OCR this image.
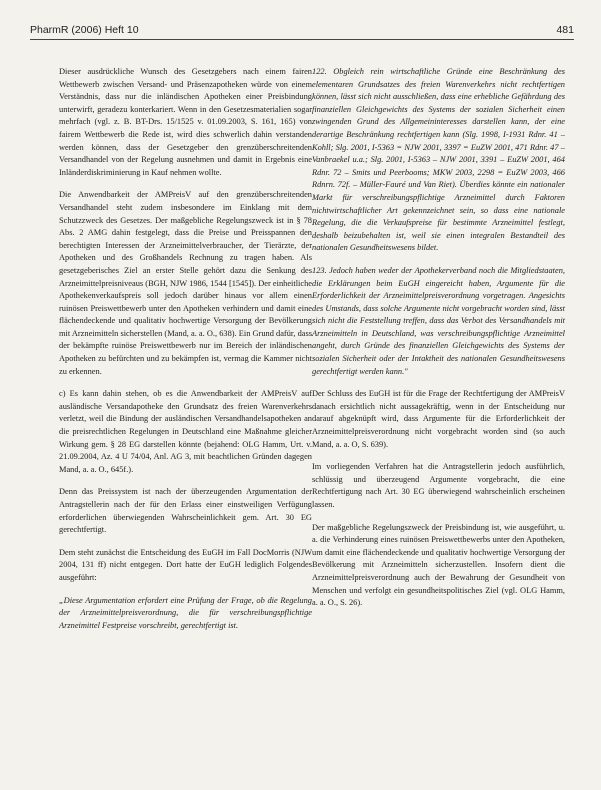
PharmR (2006) Heft 10	481

Dieser ausdrückliche Wunsch des Gesetzgebers nach einem fairen Wettbewerb zwischen Versand- und Präsenzapotheken würde von einem Verständnis, dass nur die inländischen Apotheken einer Preisbindung unterwirft, geradezu konterkariert. Wenn in den Gesetzesmaterialien sogar mehrfach (vgl. z. B. BT-Drs. 15/1525 v. 01.09.2003, S. 161, 165) von fairem Wettbewerb die Rede ist, wird dies schwerlich dahin verstanden werden können, dass der Gesetzgeber den grenzüberschreitenden Versandhandel von der Regelung ausnehmen und damit in Ergebnis eine Inländerdiskriminierung in Kauf nehmen wollte.

Die Anwendbarkeit der AMPreisV auf den grenzüberschreitenden Versandhandel steht zudem insbesondere im Einklang mit dem Schutzzweck des Gesetzes. Der maßgebliche Regelungszweck ist in § 78 Abs. 2 AMG dahin festgelegt, dass die Preise und Preisspannen den berechtigten Interessen der Arzneimittelverbraucher, der Tierärzte, der Apotheken und des Großhandels Rechnung zu tragen haben. Als gesetzgeberisches Ziel an erster Stelle gehört dazu die Senkung des Arzneimittelpreisniveaus (BGH, NJW 1986, 1544 [1545]). Der einheitliche Apothekenverkaufspreis soll jedoch darüber hinaus vor allem einen ruinösen Preiswettbewerb unter den Apotheken verhindern und damit eine flächendeckende und qualitativ hochwertige Versorgung der Bevölkerung mit Arzneimitteln sicherstellen (Mand, a. a. O., 638). Ein Grund dafür, dass der bekämpfte ruinöse Preiswettbewerb nur im Bereich der inländischen Apotheken zu befürchten und zu bekämpfen ist, vermag die Kammer nicht zu erkennen.

c) Es kann dahin stehen, ob es die Anwendbarkeit der AMPreisV auf ausländische Versandapotheke den Grundsatz des freien Warenverkehrs verletzt, weil die Bindung der ausländischen Versandhandelsapotheken an die preisrechtlichen Regelungen in Deutschland eine Maßnahme gleicher Wirkung gem. § 28 EG darstellen könnte (bejahend: OLG Hamm, Urt. v. 21.09.2004, Az. 4 U 74/04, Anl. AG 3, mit beachtlichen Gründen dagegen Mand, a. a. O., 645f.).

Denn das Preissystem ist nach der überzeugenden Argumentation der Antragstellerin nach der für den Erlass einer einstweiligen Verfügung erforderlichen überwiegenden Wahrscheinlichkeit gem. Art. 30 EG gerechtfertigt.

Dem steht zunächst die Entscheidung des EuGH im Fall DocMorris (NJW 2004, 131 ff) nicht entgegen. Dort hatte der EuGH lediglich Folgendes ausgeführt:

„Diese Argumentation erfordert eine Prüfung der Frage, ob die Regelung der Arzneimittelpreisverordnung, die für verschreibungspflichtige Arzneimittel Festpreise vorschreibt, gerechtfertigt ist.

122. Obgleich rein wirtschaftliche Gründe eine Beschränkung des elementaren Grundsatzes des freien Warenverkehrs nicht rechtfertigen können, lässt sich nicht ausschließen, dass eine erhebliche Gefährdung des finanziellen Gleichgewichts des Systems der sozialen Sicherheit einen zwingenden Grund des Allgemeininteresses darstellen kann, der eine derartige Beschränkung rechtfertigen kann (Slg. 1998, I-1931 Rdnr. 41 – Kohll; Slg. 2001, I-5363 = NJW 2001, 3397 = EuZW 2001, 471 Rdnr. 47 – Vanbraekel u.a.; Slg. 2001, I-5363 – NJW 2001, 3391 – EuZW 2001, 464 Rdnr. 72 – Smits und Peerbooms; MKW 2003, 2298 = EuZW 2003, 466 Rdnrn. 72f. – Müller-Fauré und Van Riet). Überdies könnte ein nationaler Markt für verschreibungspflichtige Arzneimittel durch Faktoren nichtwirtschaftlicher Art gekennzeichnet sein, so dass eine nationale Regelung, die die Verkaufspreise für bestimmte Arzneimittel festlegt, deshalb beizubehalten ist, weil sie einen integralen Bestandteil des nationalen Gesundheitswesens bildet.

123. Jedoch haben weder der Apothekerverband noch die Mitgliedstaaten, die Erklärungen beim EuGH eingereicht haben, Argumente für die Erforderlichkeit der Arzneimittelpreisverordnung vorgetragen. Angesichts des Umstands, dass solche Argumente nicht vorgebracht worden sind, lässt sich nicht die Feststellung treffen, dass das Verbot des Versandhandels mit Arzneimitteln in Deutschland, was verschreibungspflichtige Arzneimittel angeht, durch Gründe des finanziellen Gleichgewichts des Systems der sozialen Sicherheit oder der Intaktheit des nationalen Gesundheitswesens gerechtfertigt werden kann."

Der Schluss des EuGH ist für die Frage der Rechtfertigung der AMPreisV danach ersichtlich nicht aussagekräftig, wenn in der Entscheidung nur darauf abgeknüpft wird, dass Argumente für die Erforderlichkeit der Arzneimittelpreisverordnung nicht vorgebracht worden sind (so auch Mand, a. a. O, S. 639).

Im vorliegenden Verfahren hat die Antragstellerin jedoch ausführlich, schlüssig und überzeugend Argumente vorgebracht, die eine Rechtfertigung nach Art. 30 EG überwiegend wahrscheinlich erscheinen lassen.

Der maßgebliche Regelungszweck der Preisbindung ist, wie ausgeführt, u. a. die Verhinderung eines ruinösen Preiswettbewerbs unter den Apotheken, um damit eine flächendeckende und qualitativ hochwertige Versorgung der Bevölkerung mit Arzneimitteln sicherzustellen. Insofern dient die Arzneimittelpreisverordnung auch der Bewahrung der Gesundheit von Menschen und verfolgt ein gesundheitspolitisches Ziel (vgl. OLG Hamm, a. a. O., S. 26).
